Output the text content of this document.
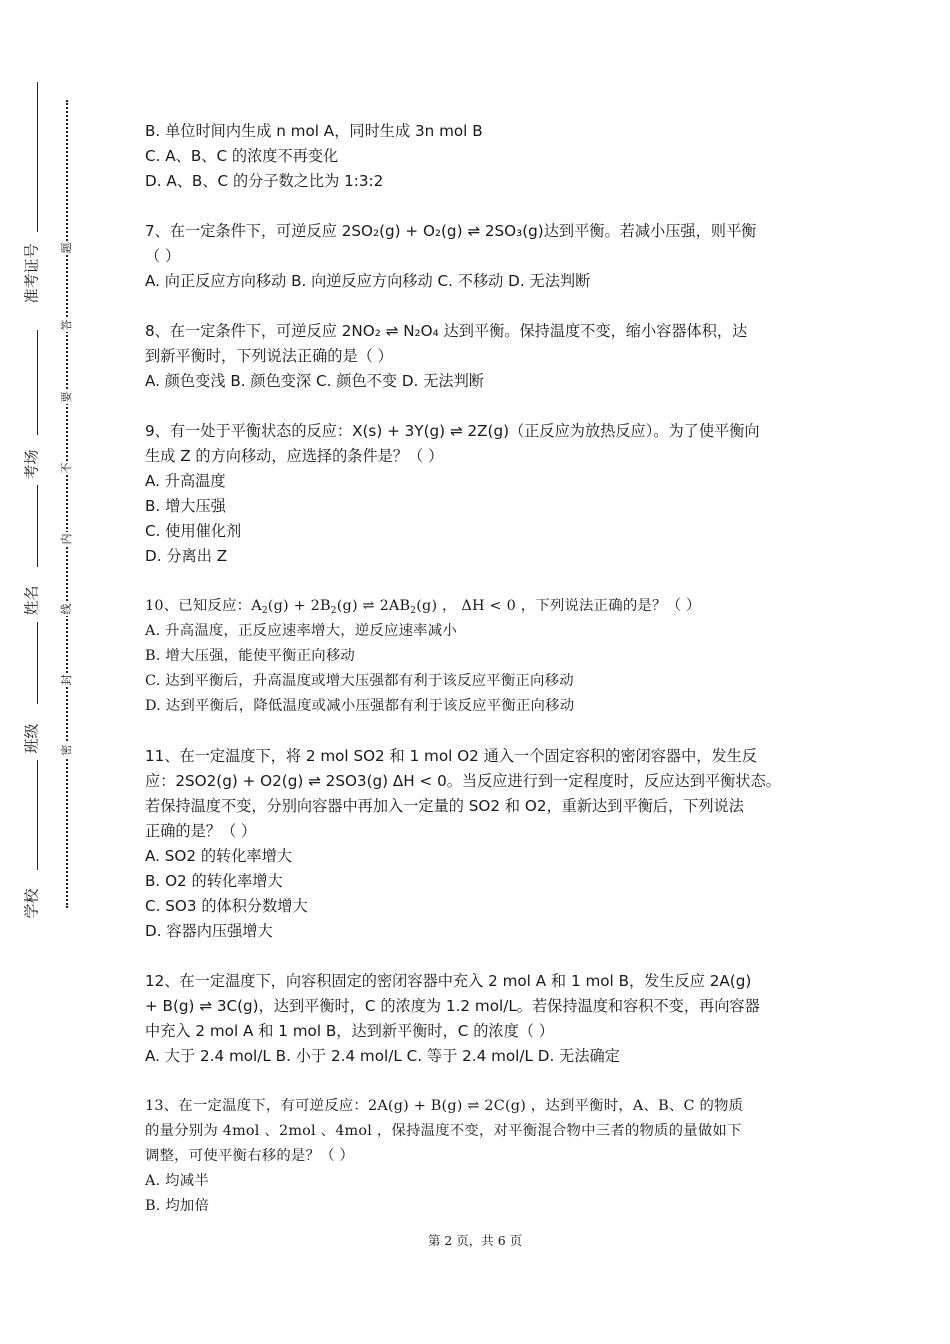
准考证号
考场
姓名
班级
学校
题
答
要
不
内
线
封
密
B. 单位时间内生成 n mol A，同时生成 3n mol B
C. A、B、C 的浓度不再变化
D. A、B、C 的分子数之比为 1:3:2
7、在一定条件下，可逆反应 2SO₂(g) + O₂(g) ⇌ 2SO₃(g)达到平衡。若减小压强，则平衡
（ ）
A. 向正反应方向移动 B. 向逆反应方向移动 C. 不移动 D. 无法判断
8、在一定条件下，可逆反应 2NO₂ ⇌ N₂O₄ 达到平衡。保持温度不变，缩小容器体积，达
到新平衡时，下列说法正确的是（ ）
A. 颜色变浅 B. 颜色变深 C. 颜色不变 D. 无法判断
9、有一处于平衡状态的反应：X(s) + 3Y(g) ⇌ 2Z(g)（正反应为放热反应）。为了使平衡向
生成 Z 的方向移动，应选择的条件是？（ ）
A. 升高温度
B. 增大压强
C. 使用催化剂
D. 分离出 Z
10、已知反应：$A_2(g) + 2B_2(g)$ ⇌ $2AB_2(g)$ ， ΔH < 0 ，下列说法正确的是？（ ）
A. 升高温度，正反应速率增大，逆反应速率减小
B. 增大压强，能使平衡正向移动
C. 达到平衡后，升高温度或增大压强都有利于该反应平衡正向移动
D. 达到平衡后，降低温度或减小压强都有利于该反应平衡正向移动
11、在一定温度下，将 2 mol SO2 和 1 mol O2 通入一个固定容积的密闭容器中，发生反
应：2SO2(g) + O2(g) ⇌ 2SO3(g) ΔH < 0。当反应进行到一定程度时，反应达到平衡状态。
若保持温度不变，分别向容器中再加入一定量的 SO2 和 O2，重新达到平衡后，下列说法
正确的是？（ ）
A. SO2 的转化率增大
B. O2 的转化率增大
C. SO3 的体积分数增大
D. 容器内压强增大
12、在一定温度下，向容积固定的密闭容器中充入 2 mol A 和 1 mol B，发生反应 2A(g)
+ B(g) ⇌ 3C(g)，达到平衡时，C 的浓度为 1.2 mol/L。若保持温度和容积不变，再向容器
中充入 2 mol A 和 1 mol B，达到新平衡时，C 的浓度（ ）
A. 大于 2.4 mol/L B. 小于 2.4 mol/L C. 等于 2.4 mol/L D. 无法确定
13、在一定温度下，有可逆反应：2A(g) + B(g) ⇌ 2C(g) ，达到平衡时，A、B、C 的物质
的量分别为 4mol 、2mol 、4mol ，保持温度不变，对平衡混合物中三者的物质的量做如下
调整，可使平衡右移的是？（ ）
A. 均减半
B. 均加倍
第 2 页，共 6 页
